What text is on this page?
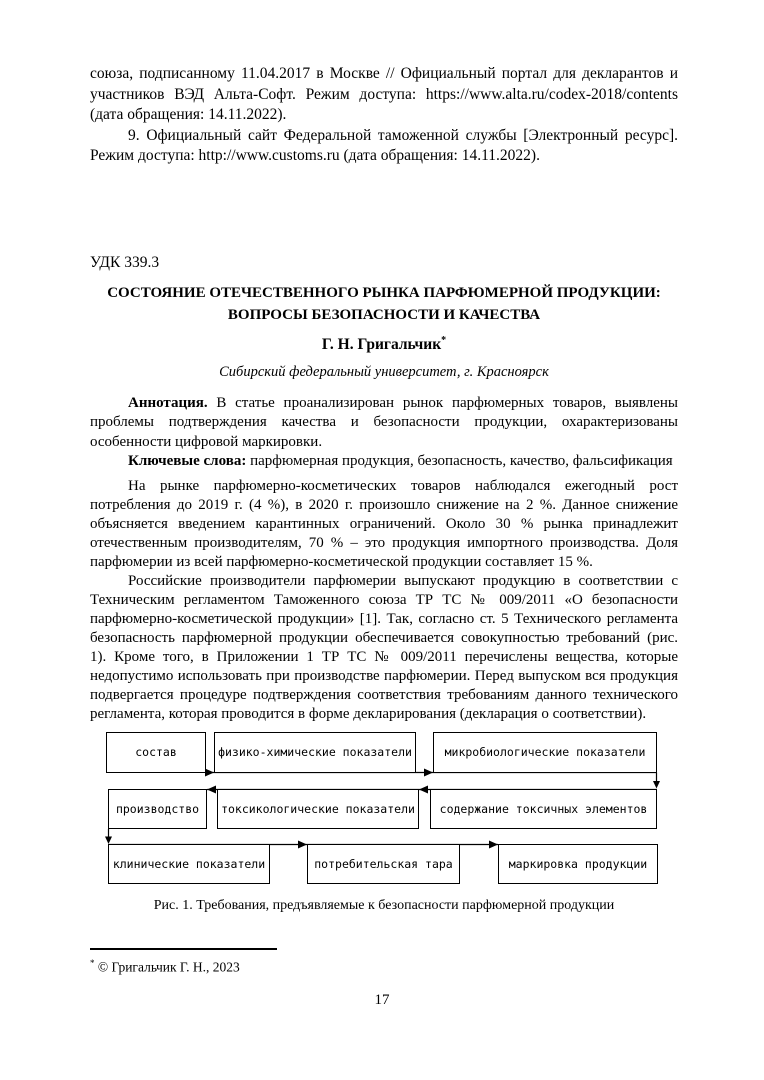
союза, подписанному 11.04.2017 в Москве // Официальный портал для декларантов и участников ВЭД Альта-Софт. Режим доступа: https://www.alta.ru/codex-2018/contents (дата обращения: 14.11.2022).

9. Официальный сайт Федеральной таможенной службы [Электронный ресурс]. Режим доступа: http://www.customs.ru (дата обращения: 14.11.2022).

УДК 339.3

СОСТОЯНИЕ ОТЕЧЕСТВЕННОГО РЫНКА ПАРФЮМЕРНОЙ ПРОДУКЦИИ:
ВОПРОСЫ БЕЗОПАСНОСТИ И КАЧЕСТВА

Г. Н. Григальчик*

Сибирский федеральный университет, г. Красноярск

Аннотация. В статье проанализирован рынок парфюмерных товаров, выявлены проблемы подтверждения качества и безопасности продукции, охарактеризованы особенности цифровой маркировки.

Ключевые слова: парфюмерная продукция, безопасность, качество, фальсификация

На рынке парфюмерно-косметических товаров наблюдался ежегодный рост потребления до 2019 г. (4 %), в 2020 г. произошло снижение на 2 %. Данное снижение объясняется введением карантинных ограничений. Около 30 % рынка принадлежит отечественным производителям, 70 % – это продукция импортного производства. Доля парфюмерии из всей парфюмерно-косметической продукции составляет 15 %.

Российские производители парфюмерии выпускают продукцию в соответствии с Техническим регламентом Таможенного союза ТР ТС № 009/2011 «О безопасности парфюмерно-косметической продукции» [1]. Так, согласно ст. 5 Технического регламента безопасность парфюмерной продукции обеспечивается совокупностью требований (рис. 1). Кроме того, в Приложении 1 ТР ТС № 009/2011 перечислены вещества, которые недопустимо использовать при производстве парфюмерии. Перед выпуском вся продукция подвергается процедуре подтверждения соответствия требованиям данного технического регламента, которая проводится в форме декларирования (декларация о соответствии).

состав	физико-химические показатели	микробиологические показатели
производство	токсикологические показатели	содержание токсичных элементов
клинические показатели	потребительская тара	маркировка продукции

Рис. 1. Требования, предъявляемые к безопасности парфюмерной продукции

* © Григальчик Г. Н., 2023

17
